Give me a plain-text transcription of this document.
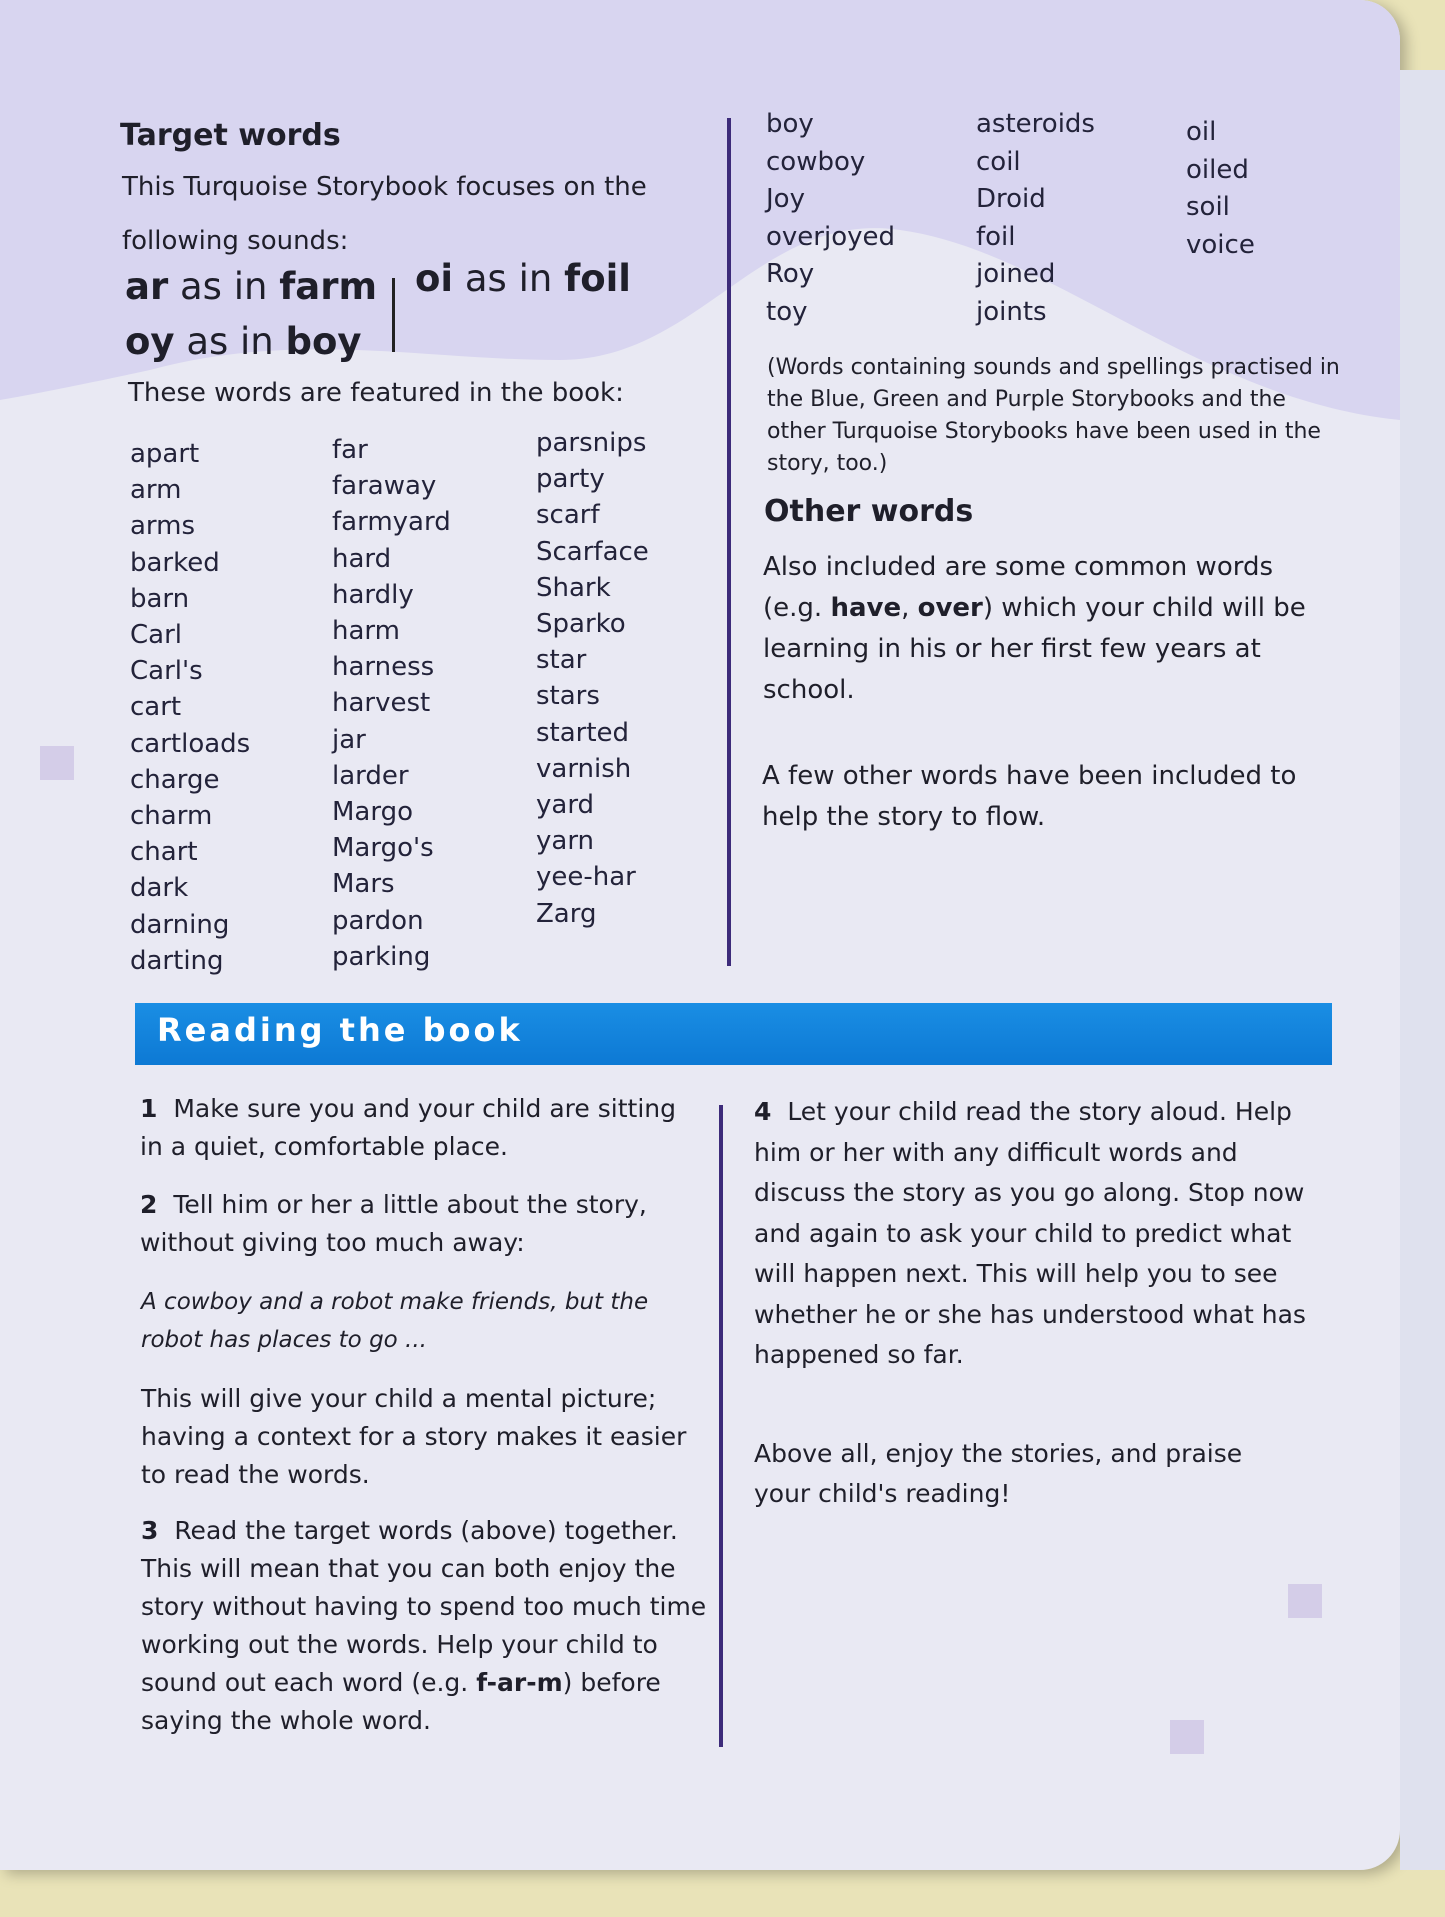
Target words
This Turquoise Storybook focuses on the following sounds:
ar as in farm
oy as in boy
oi as in foil
These words are featured in the book:
apart
arm
arms
barked
barn
Carl
Carl's
cart
cartloads
charge
charm
chart
dark
darning
darting
far
faraway
farmyard
hard
hardly
harm
harness
harvest
jar
larder
Margo
Margo's
Mars
pardon
parking
parsnips
party
scarf
Scarface
Shark
Sparko
star
stars
started
varnish
yard
yarn
yee-har
Zarg
boy
cowboy
Joy
overjoyed
Roy
toy
asteroids
coil
Droid
foil
joined
joints
oil
oiled
soil
voice
(Words containing sounds and spellings practised in the Blue, Green and Purple Storybooks and the other Turquoise Storybooks have been used in the story, too.)
Other words
Also included are some common words (e.g. have, over) which your child will be learning in his or her first few years at school.
A few other words have been included to help the story to flow.
Reading the book
1 Make sure you and your child are sitting in a quiet, comfortable place.
2 Tell him or her a little about the story, without giving too much away:
A cowboy and a robot make friends, but the robot has places to go ...
This will give your child a mental picture; having a context for a story makes it easier to read the words.
3 Read the target words (above) together. This will mean that you can both enjoy the story without having to spend too much time working out the words. Help your child to sound out each word (e.g. f-ar-m) before saying the whole word.
4 Let your child read the story aloud. Help him or her with any difficult words and discuss the story as you go along. Stop now and again to ask your child to predict what will happen next. This will help you to see whether he or she has understood what has happened so far.
Above all, enjoy the stories, and praise your child's reading!
